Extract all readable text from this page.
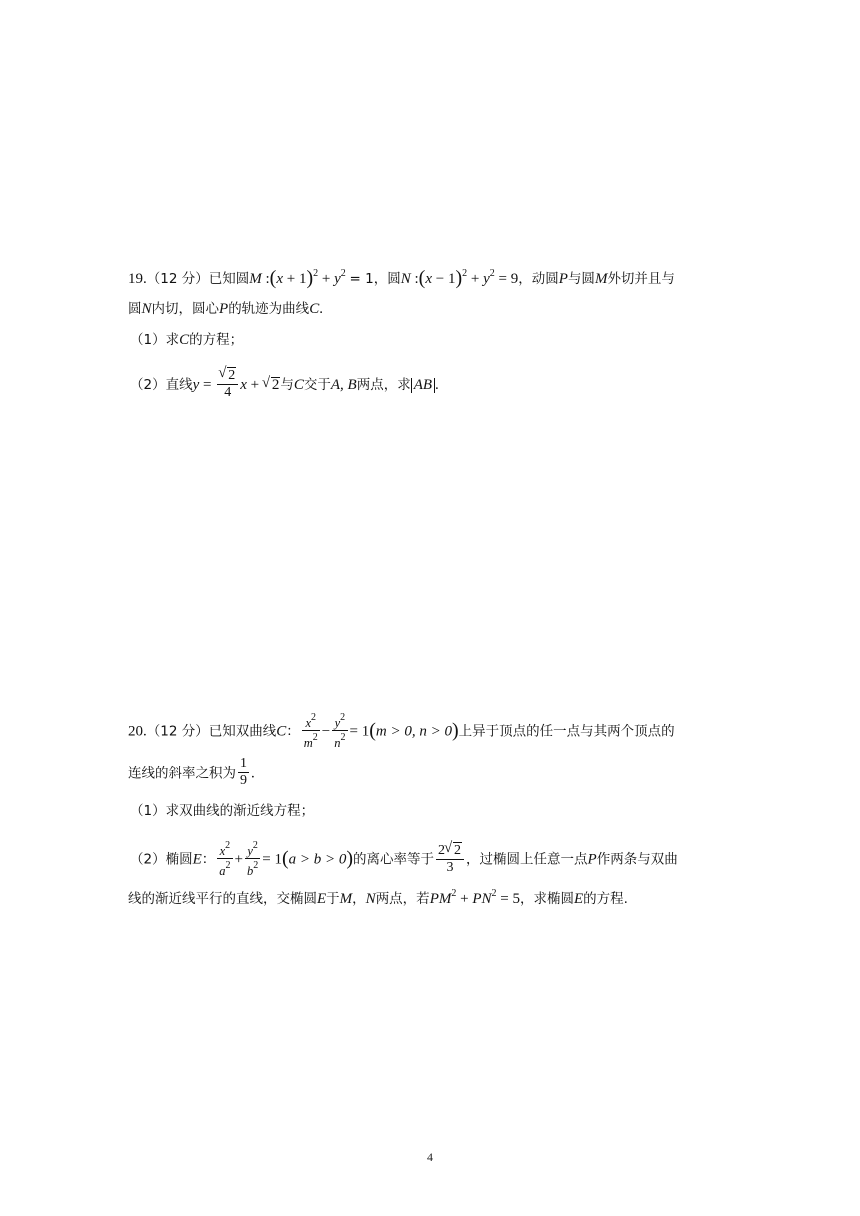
19.（12 分）已知圆M :(x + $1)^2 + y^2 = 1$，圆N :(x − $1)^2 + y^2 = 9$，动圆P与圆M外切并且与
圆N内切，圆心P的轨迹为曲线C.
（1）求C的方程；
（2）直线y = √ $\frac{2}{4}$ x + √ 2与C交于A, B两点，求 AB .
20.（12 分）已知双曲线C： $\frac{x^2}{m^2} - \frac{y^2}{n^2} = 1(m > 0$, n > 0)上异于顶点的任一点与其两个顶点的
连线的斜率之积为 $\frac{1}{9}$ .
（1）求双曲线的渐近线方程；
（2）椭圆E： $\frac{x^2}{a^2} + \frac{y^2}{b^2} = 1(a > b > 0)$的离心率等于 $\frac{2 √ 2}{3}$ ，过椭圆上任意一点P作两条与双曲
线的渐近线平行的直线，交椭圆E于M，N两点，若$PM^2 + PN^2 = 5$，求椭圆E的方程.
4
